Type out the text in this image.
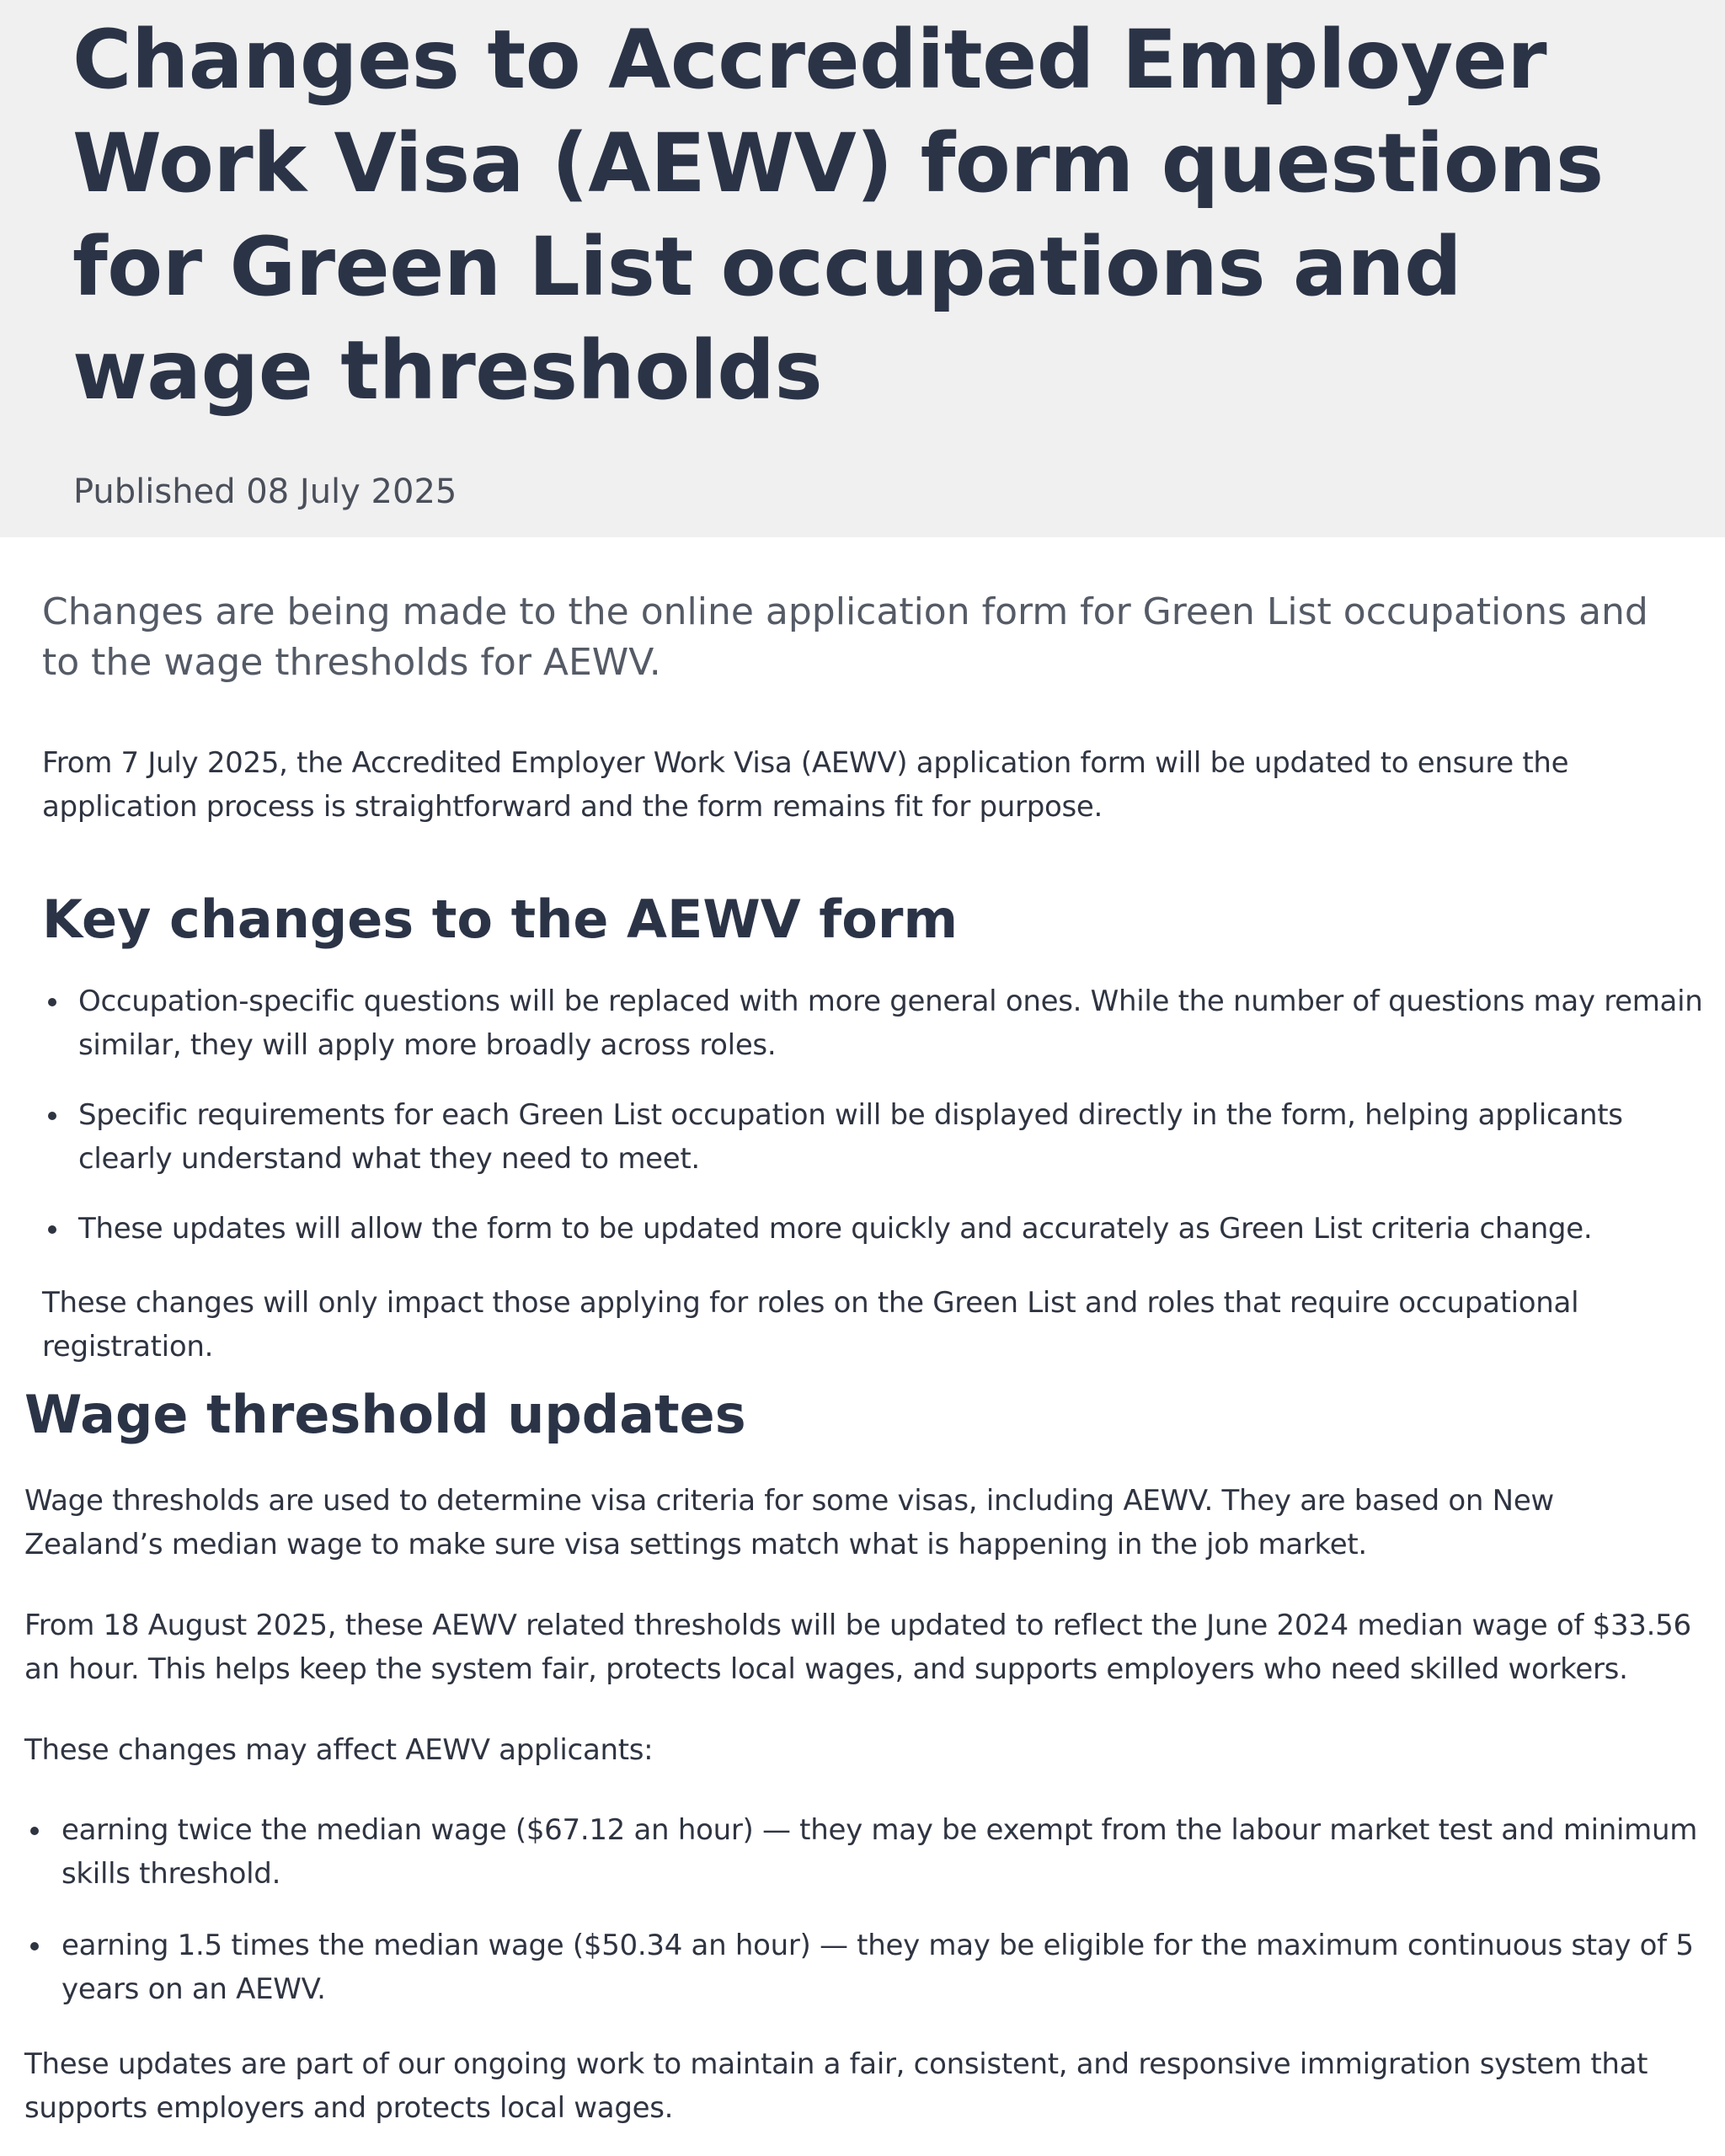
Changes to Accredited Employer Work Visa (AEWV) form questions for Green List occupations and wage thresholds
Published 08 July 2025

Changes are being made to the online application form for Green List occupations and to the wage thresholds for AEWV.

From 7 July 2025, the Accredited Employer Work Visa (AEWV) application form will be updated to ensure the application process is straightforward and the form remains fit for purpose.

Key changes to the AEWV form
Occupation-specific questions will be replaced with more general ones. While the number of questions may remain similar, they will apply more broadly across roles.
Specific requirements for each Green List occupation will be displayed directly in the form, helping applicants clearly understand what they need to meet.
These updates will allow the form to be updated more quickly and accurately as Green List criteria change.

These changes will only impact those applying for roles on the Green List and roles that require occupational registration.

Wage threshold updates

Wage thresholds are used to determine visa criteria for some visas, including AEWV. They are based on New Zealand’s median wage to make sure visa settings match what is happening in the job market.

From 18 August 2025, these AEWV related thresholds will be updated to reflect the June 2024 median wage of $33.56 an hour. This helps keep the system fair, protects local wages, and supports employers who need skilled workers.

These changes may affect AEWV applicants:

earning twice the median wage ($67.12 an hour) — they may be exempt from the labour market test and minimum skills threshold.
earning 1.5 times the median wage ($50.34 an hour) — they may be eligible for the maximum continuous stay of 5 years on an AEWV.

These updates are part of our ongoing work to maintain a fair, consistent, and responsive immigration system that supports employers and protects local wages.
